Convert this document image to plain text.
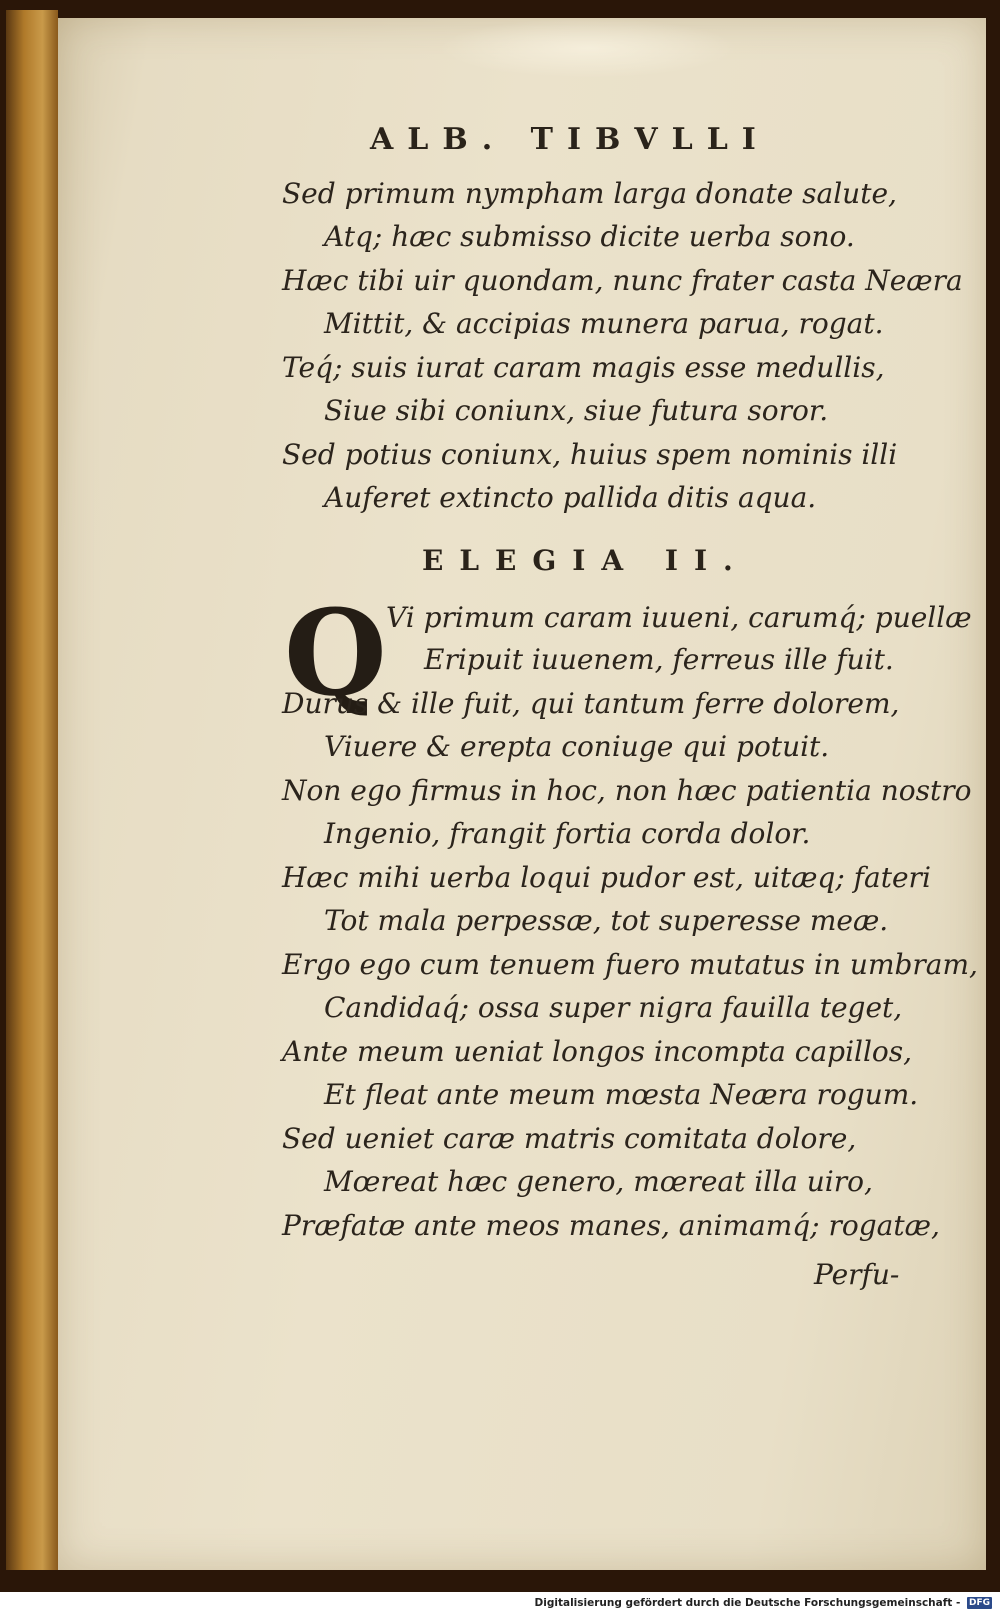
ALB. TIBVLLI
Sed primum nympham larga donate salute,
Atq; hæc submisso dicite uerba sono.
Hæc tibi uir quondam, nunc frater casta Neæra
Mittit, & accipias munera parua, rogat.
Teq́; suis iurat caram magis esse medullis,
Siue sibi coniunx, siue futura soror.
Sed potius coniunx, huius spem nominis illi
Auferet extincto pallida ditis aqua.
ELEGIA II.
Q Vi primum caram iuueni, carumq́; puellæ
Eripuit iuuenem, ferreus ille fuit.
Durus & ille fuit, qui tantum ferre dolorem,
Viuere & erepta coniuge qui potuit.
Non ego firmus in hoc, non hæc patientia nostro
Ingenio, frangit fortia corda dolor.
Hæc mihi uerba loqui pudor est, uitæq; fateri
Tot mala perpessæ, tot superesse meæ.
Ergo ego cum tenuem fuero mutatus in umbram,
Candidaq́; ossa super nigra fauilla teget,
Ante meum ueniat longos incompta capillos,
Et fleat ante meum mœsta Neæra rogum.
Sed ueniet caræ matris comitata dolore,
Mœreat hæc genero, mœreat illa uiro,
Præfatæ ante meos manes, animamq́; rogatæ,
Perfu-
Digitalisierung gefördert durch die Deutsche Forschungsgemeinschaft - DFG
